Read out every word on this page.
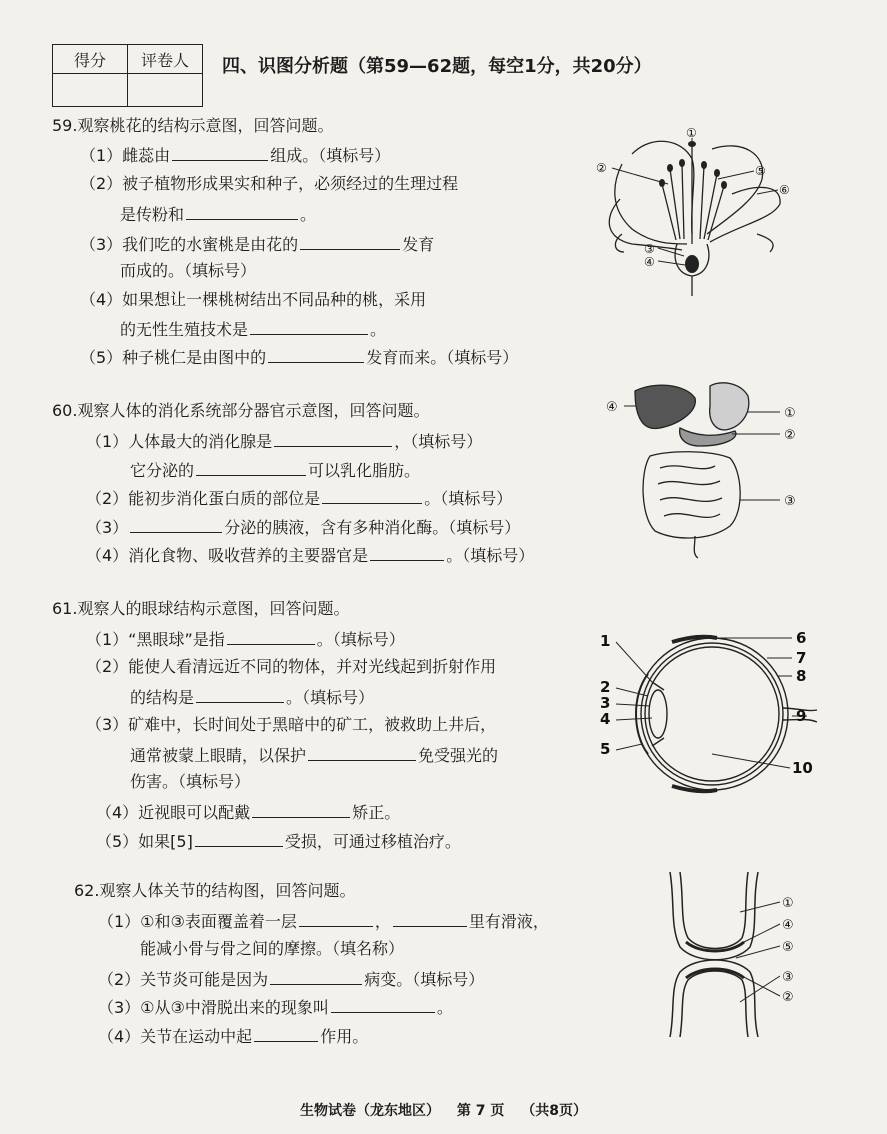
得分	评卷人
	四、识图分析题（第59—62题，每空1分，共20分）
59.观察桃花的结构示意图，回答问题。
（1）雌蕊由	组成。（填标号）
（2）被子植物形成果实和种子，必须经过的生理过程
是传粉和	。
（3）我们吃的水蜜桃是由花的	发育
而成的。（填标号）
（4）如果想让一棵桃树结出不同品种的桃，采用
的无性生殖技术是	。
（5）种子桃仁是由图中的	发育而来。（填标号）
①
②
③
④
⑤
⑥
60.观察人体的消化系统部分器官示意图，回答问题。
（1）人体最大的消化腺是	，（填标号）
它分泌的	可以乳化脂肪。
（2）能初步消化蛋白质的部位是	。（填标号）
（3）	分泌的胰液，含有多种消化酶。（填标号）
（4）消化食物、吸收营养的主要器官是	。（填标号）
①
②
③
④
61.观察人的眼球结构示意图，回答问题。
（1）“黑眼球”是指	。（填标号）
（2）能使人看清远近不同的物体，并对光线起到折射作用
的结构是	。（填标号）
（3）矿难中，长时间处于黑暗中的矿工，被救助上井后，
通常被蒙上眼睛，以保护	免受强光的
伤害。（填标号）
（4）近视眼可以配戴	矫正。
（5）如果[5]	受损，可通过移植治疗。
1
2
3
4
5
6
7
8
9
10
62.观察人体关节的结构图，回答问题。
（1）①和③表面覆盖着一层	，	里有滑液，
能减小骨与骨之间的摩擦。（填名称）
（2）关节炎可能是因为	病变。（填标号）
（3）①从③中滑脱出来的现象叫	。
（4）关节在运动中起	作用。
①
④
⑤
③
②
生物试卷（龙东地区） 第 7 页 （共8页）
